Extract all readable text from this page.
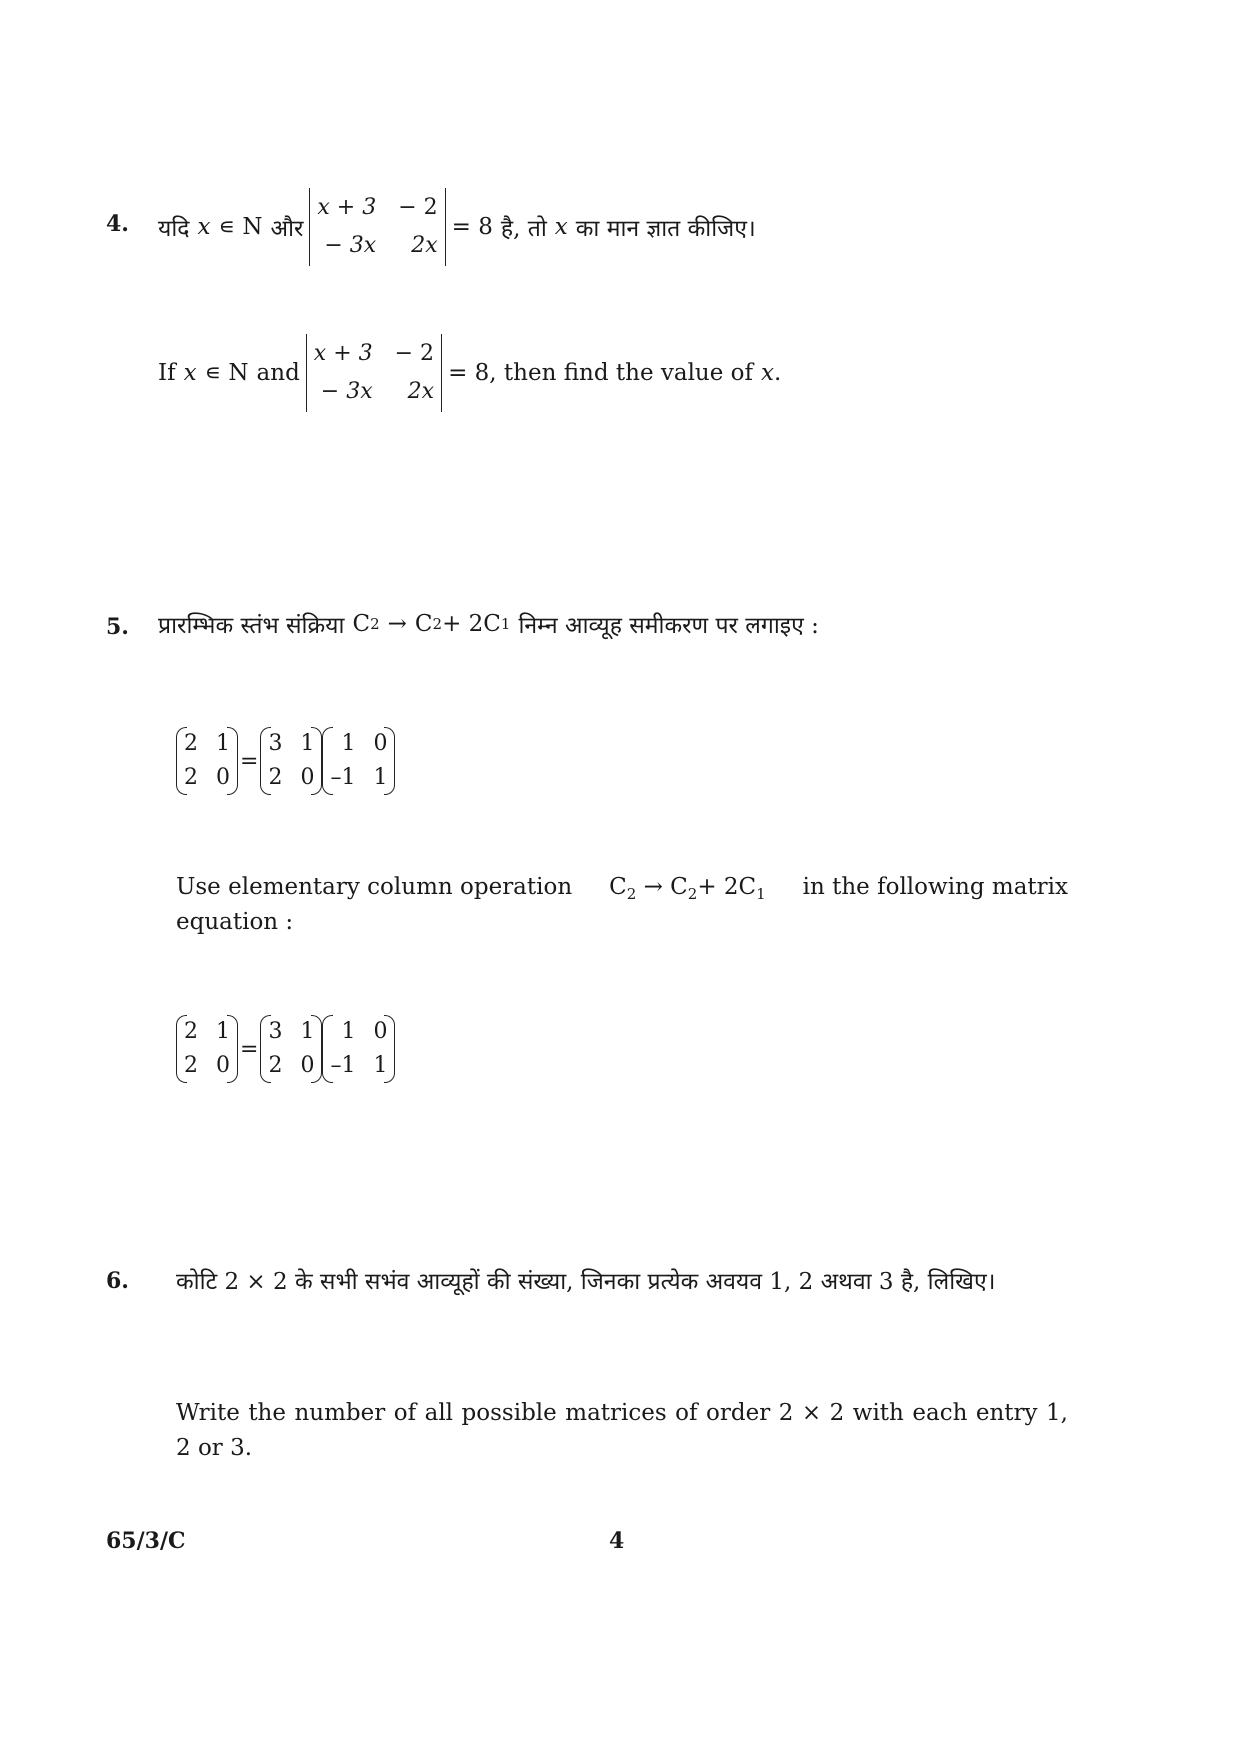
4. यदि x ∊ N और
x + 3 − 2
− 3x	2x
= 8 है, तो x का मान ज्ञात कीजिए।
If x ∊ N and
x + 3 − 2
− 3x	2x
= 8 , then find the value of x .
5. प्रारम्भिक स्तंभ संक्रिया C 2 → C 2 + 2C 1 निम्न आव्यूह समीकरण पर लगाइए :
2 1
2 0
=
3 1
2 0
1 0
–1 1
Use elementary column operation $C_2 \to C_2+ 2C_1$ in the following matrix
equation :
2 1
2 0
=
3 1
2 0
1 0
–1 1
6. कोटि 2 × 2 के सभी सभंव आव्यूहों की संख्या, जिनका प्रत्येक अवयव 1, 2 अथवा 3 है, लिखिए।
Write the number of all possible matrices of order 2 × 2 with each entry 1, 2 or 3.
65/3/C	4
